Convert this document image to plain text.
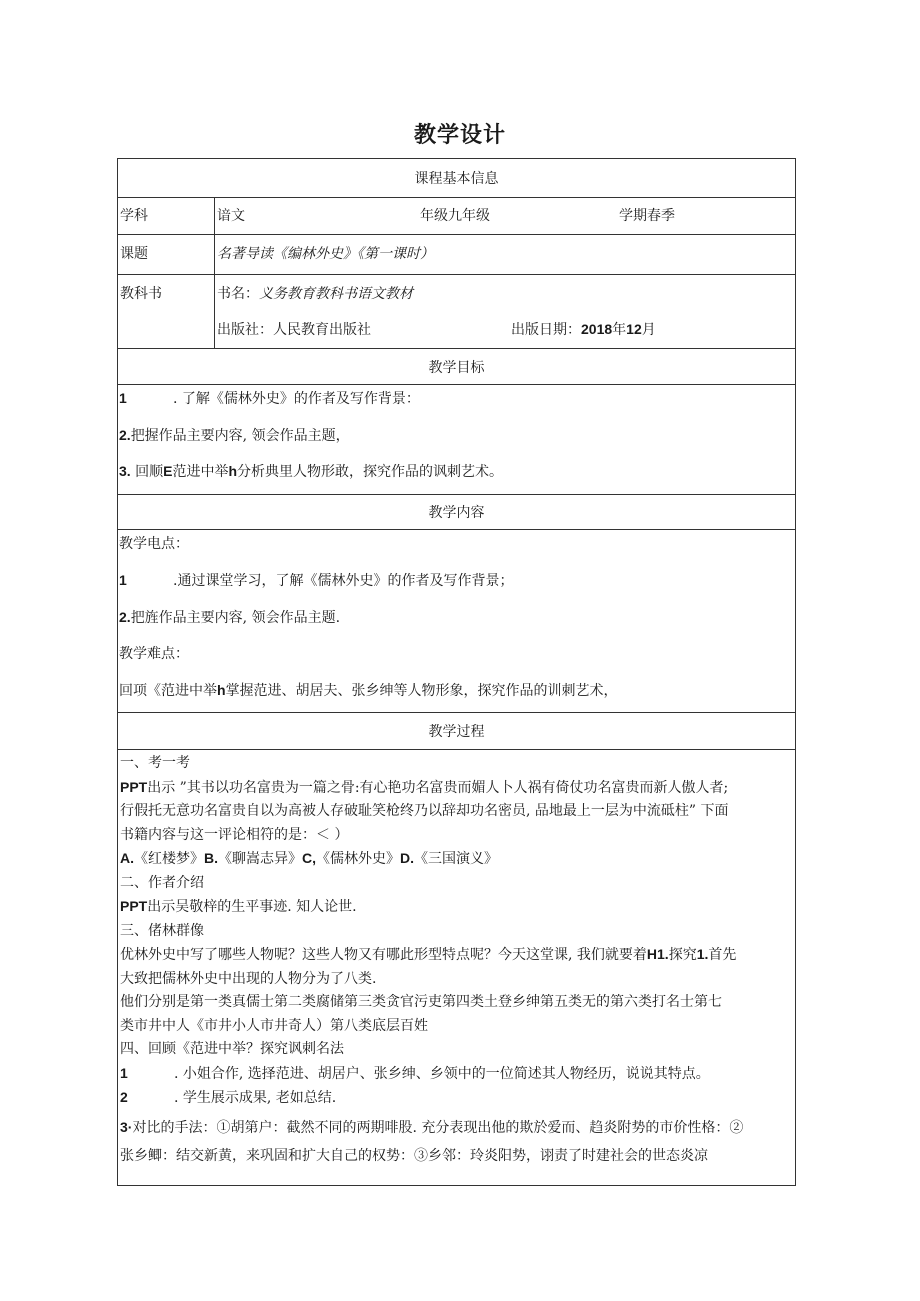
教学设计
课程基本信息
学科	谙文	年级九年级	学期春季
课题	名著导读《编林外史》《第一课时）
教科书	书名：义务教育教科书语文教材
出版社：人民教育出版社	出版日期：2018年12月
教学目标
1	. 了解《儒林外史》的作者及写作背景：
2.把握作品主要内容, 领会作品主题，
3. 回顺E范进中举h分析典里人物形敢，探究作品的讽刺艺术。
教学内容
教学电点：
1	.通过课堂学习，了解《儒林外史》的作者及写作背景；
2.把旌作品主要内容, 领会作品主题.
教学难点：
回项《范进中举h掌握范进、胡居夫、张乡绅等人物形象，探究作品的训刺艺术，
教学过程
一、考一考
PPT出示 ”其书以功名富贵为一篇之骨:有心艳功名富贵而媚人卜人祸有倚仗功名富贵而新人傲人者;
行假托无意功名富贵自以为高被人存破耻笑枪终乃以辞却功名密员, 品地最上一层为中流砥柱” 下面
书籍内容与这一评论相符的是：＜ ）
A.《红楼梦》B.《聊嵩志异》C,《儒林外史》D.《三国演义》
二、作者介绍
PPT出示吴敬梓的生平事迹. 知人论世.
三、偖林群像
优林外史中写了哪些人物呢？这些人物又有哪此形型特点呢？今天这堂课, 我们就要着H1.探究1.首先
大致把儒林外史中出现的人物分为了八类.
他们分别是第一类真儒士第二类腐储第三类贪官污吏第四类土登乡绅第五类无的第六类打名士第七
类市井中人《市井小人市井奇人）第八类底层百姓
四、回顾《范进中举？探究讽刺名法
1	. 小姐合作, 选择范进、胡居户、张乡绅、乡领中的一位简述其人物经历，说说其特点。
2	. 学生展示成果, 老如总结.
3·对比的手法：①胡第户：截然不同的两期啡股. 充分表现出他的欺於爱而、趋炎附势的市价性格：②
张乡鲫：结交新黄，来巩固和扩大自己的权势：③乡邻：玲炎阳势，诩责了时建社会的世态炎凉
